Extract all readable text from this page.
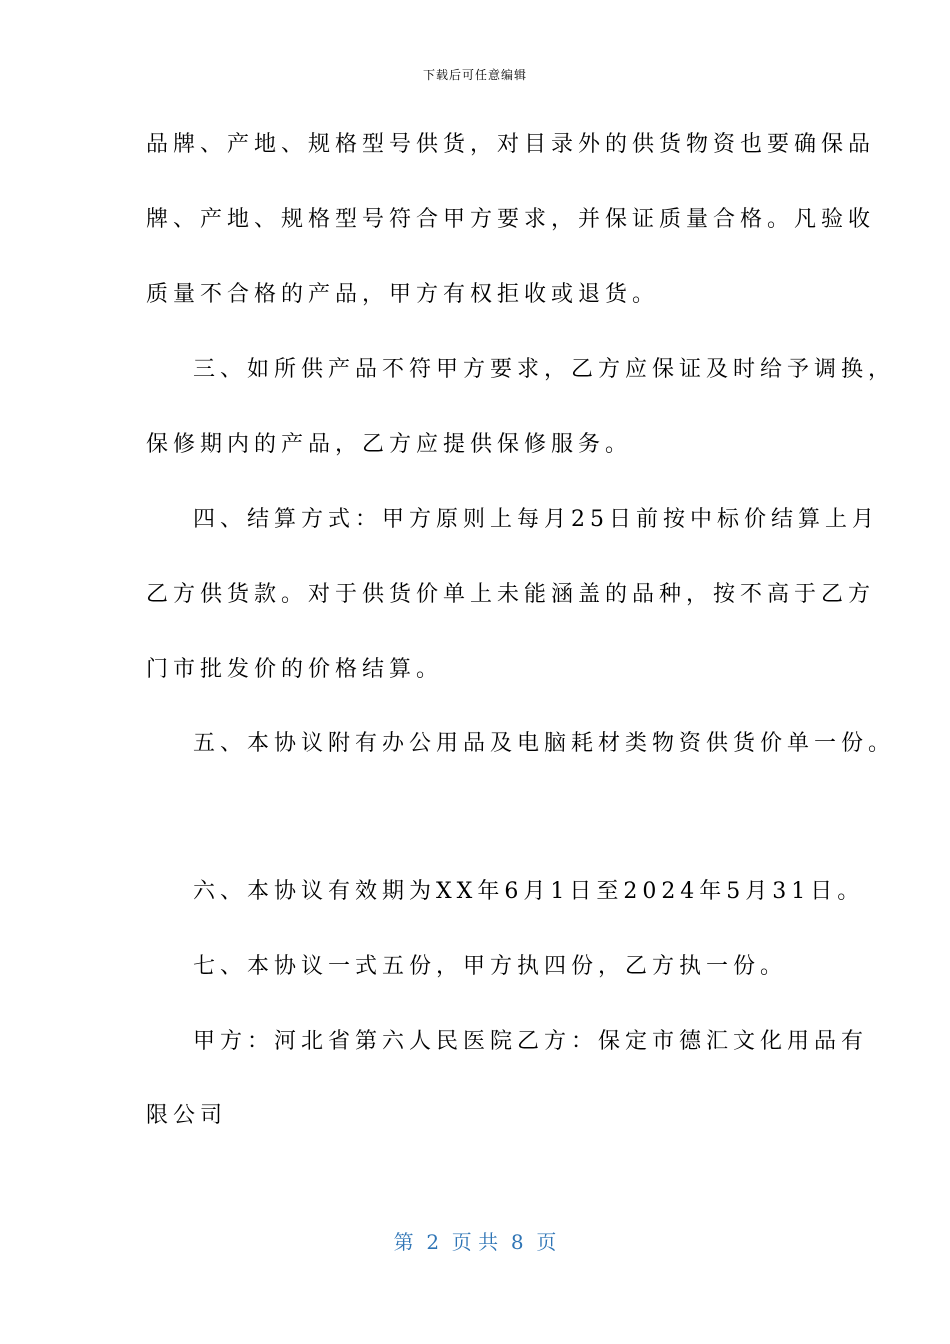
下载后可任意编辑
品牌、产地、规格型号供货，对目录外的供货物资也要确保品
牌、产地、规格型号符合甲方要求，并保证质量合格。凡验收
质量不合格的产品，甲方有权拒收或退货。
三、如所供产品不符甲方要求，乙方应保证及时给予调换，
保修期内的产品，乙方应提供保修服务。
四、结算方式：甲方原则上每月25日前按中标价结算上月
乙方供货款。对于供货价单上未能涵盖的品种，按不高于乙方
门市批发价的价格结算。
五、本协议附有办公用品及电脑耗材类物资供货价单一份。
六、本协议有效期为XX年6月1日至2024年5月31日。
七、本协议一式五份，甲方执四份，乙方执一份。
甲方：河北省第六人民医院乙方：保定市德汇文化用品有
限公司
第  2  页 共  8  页
